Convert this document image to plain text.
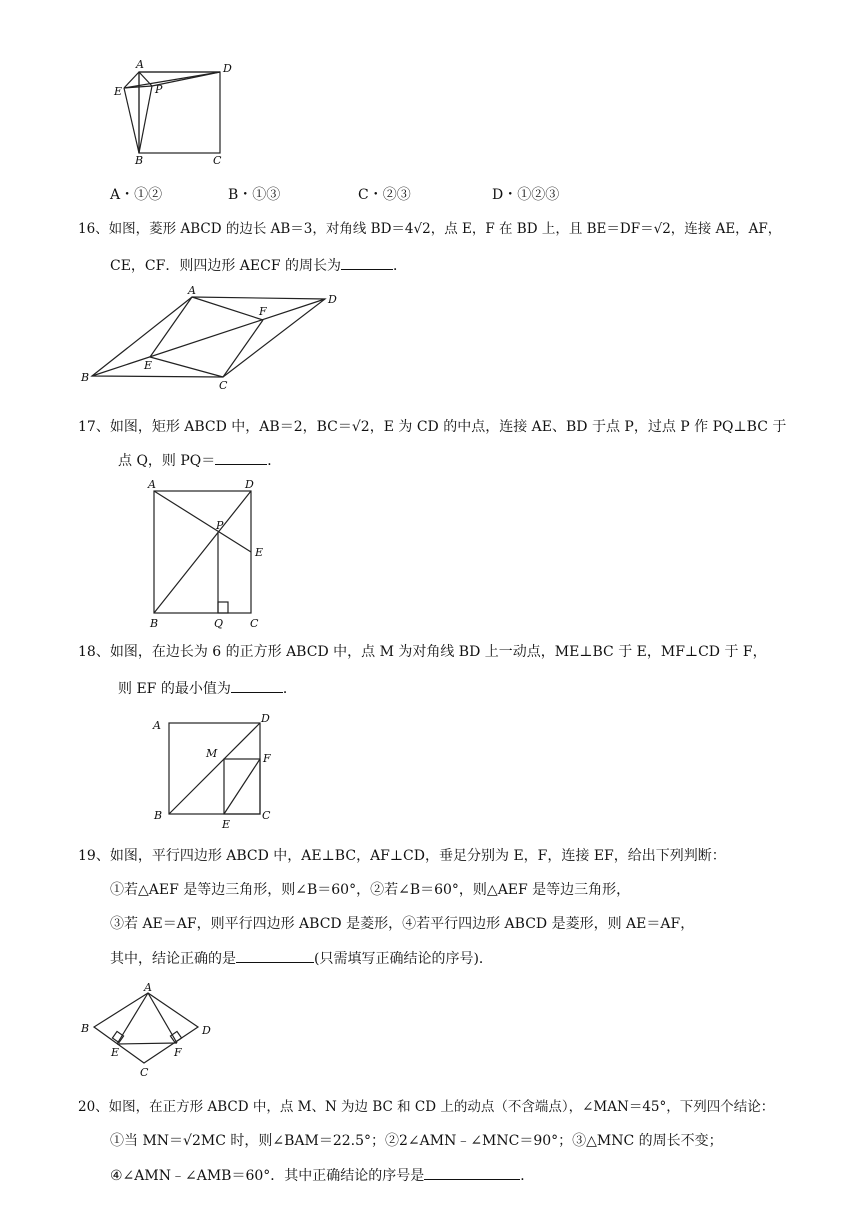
A	D
E	P
B	C
A・①②	B・①③	C・②③	D・①②③
16、如图，菱形 ABCD 的边长 AB＝3，对角线 BD＝4√2，点 E，F 在 BD 上，且 BE＝DF＝√2，连接 AE，AF，
CE，CF．则四边形 AECF 的周长为	．
A
D
F
E
B
C
17、如图，矩形 ABCD 中，AB＝2，BC＝√2，E 为 CD 的中点，连接 AE、BD 于点 P，过点 P 作 PQ⊥BC 于
点 Q，则 PQ＝	．
A	D
P
E
B	Q C
18、如图，在边长为 6 的正方形 ABCD 中，点 M 为对角线 BD 上一动点，ME⊥BC 于 E，MF⊥CD 于 F，
则 EF 的最小值为	．
A
D
M	F
B
E
C
19、如图，平行四边形 ABCD 中，AE⊥BC，AF⊥CD，垂足分别为 E，F，连接 EF，给出下列判断：
①若△AEF 是等边三角形，则∠B＝60°，②若∠B＝60°，则△AEF 是等边三角形，
③若 AE＝AF，则平行四边形 ABCD 是菱形，④若平行四边形 ABCD 是菱形，则 AE＝AF，
其中，结论正确的是	(只需填写正确结论的序号)．
A
B	D
E	F
C
20、如图，在正方形 ABCD 中，点 M、N 为边 BC 和 CD 上的动点（不含端点），∠MAN＝45°，下列四个结论：
①当 MN＝√2MC 时，则∠BAM＝22.5°；②2∠AMN﹣∠MNC＝90°；③△MNC 的周长不变；
④∠AMN﹣∠AMB＝60°．其中正确结论的序号是	．
